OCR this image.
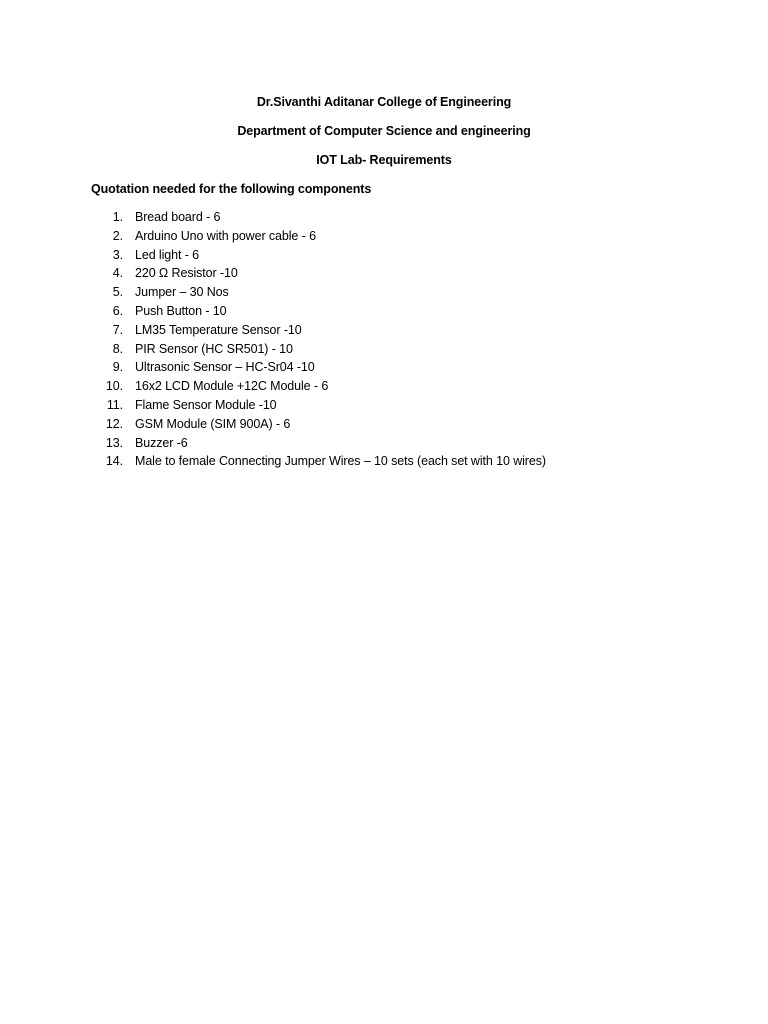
Dr.Sivanthi Aditanar College of Engineering
Department of Computer Science and engineering
IOT Lab- Requirements
Quotation needed for the following components
1. Bread board - 6
2. Arduino Uno with power cable - 6
3. Led light - 6
4. 220 Ω Resistor -10
5. Jumper – 30 Nos
6. Push Button - 10
7. LM35 Temperature Sensor -10
8. PIR Sensor (HC SR501) - 10
9. Ultrasonic Sensor – HC-Sr04 -10
10. 16x2 LCD Module +12C Module - 6
11. Flame Sensor Module -10
12. GSM Module (SIM 900A) - 6
13. Buzzer -6
14. Male to female Connecting Jumper Wires – 10 sets (each set with 10 wires)
